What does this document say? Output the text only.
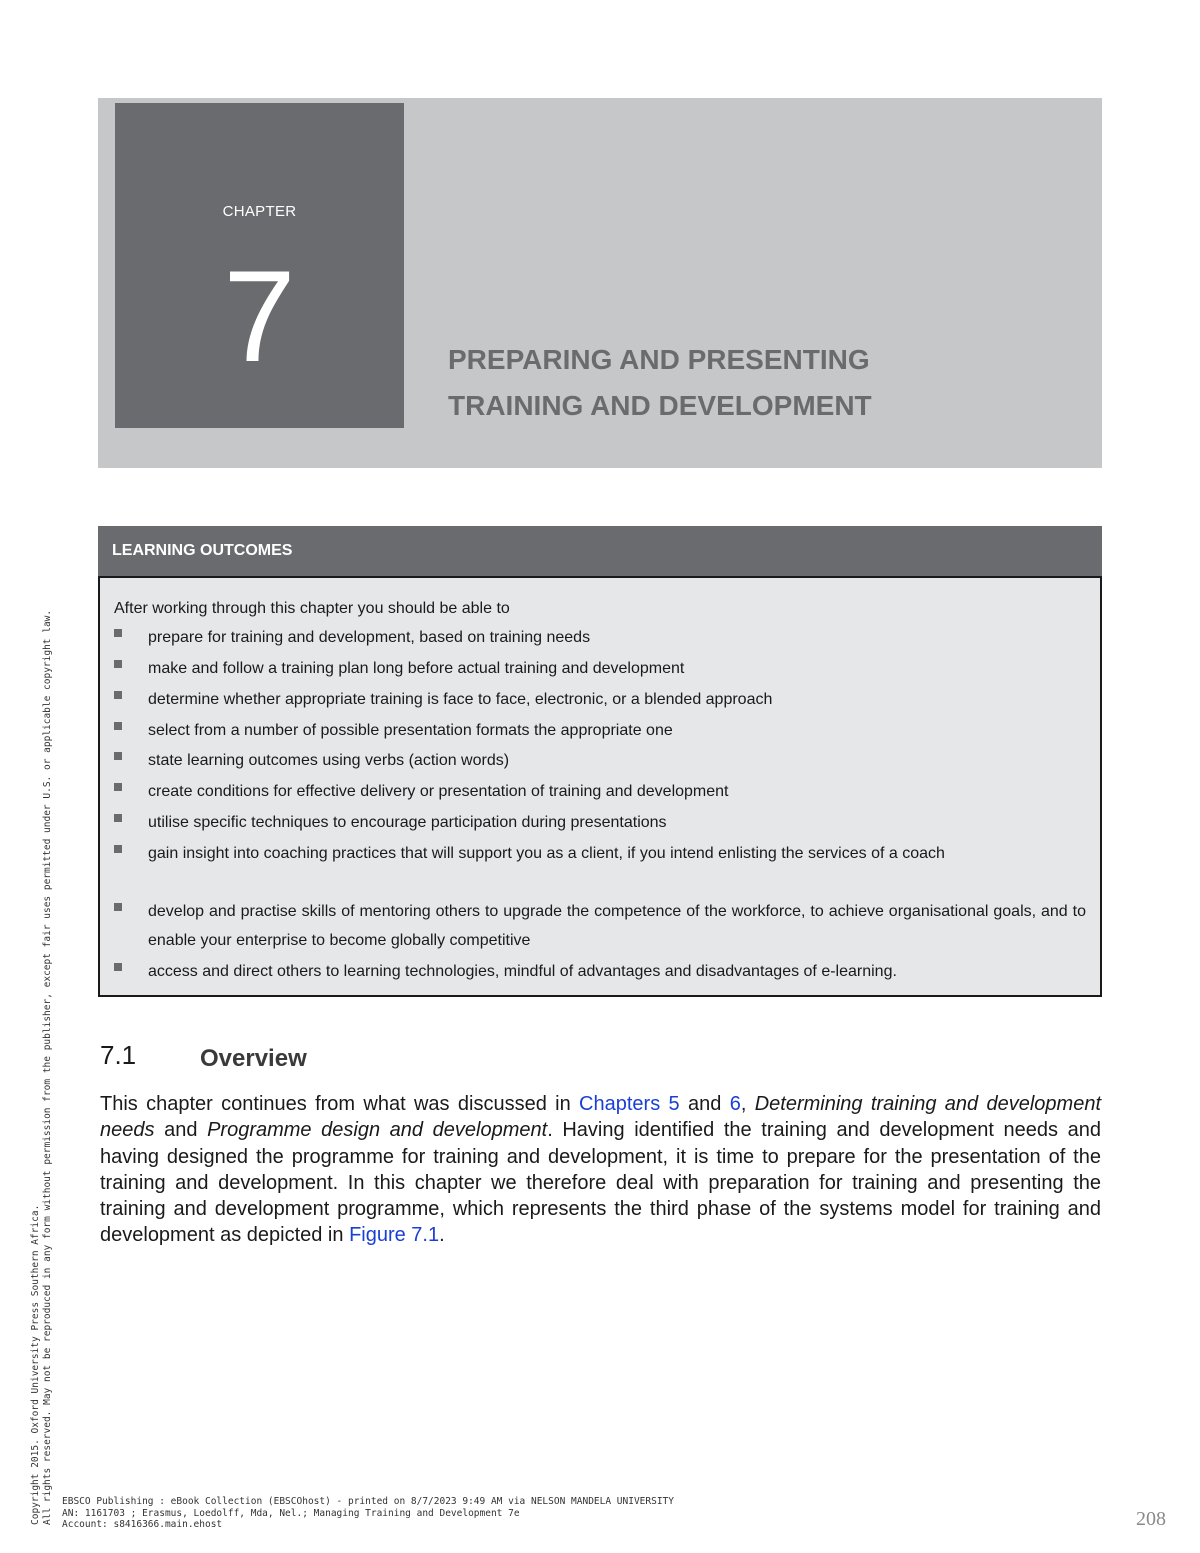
CHAPTER
7	PREPARING AND PRESENTING
TRAINING AND DEVELOPMENT
LEARNING OUTCOMES
After working through this chapter you should be able to
prepare for training and development, based on training needs
make and follow a training plan long before actual training and development
determine whether appropriate training is face to face, electronic, or a blended approach
select from a number of possible presentation formats the appropriate one
state learning outcomes using verbs (action words)
create conditions for effective delivery or presentation of training and development
utilise specific techniques to encourage participation during presentations
gain insight into coaching practices that will support you as a client, if you intend enlisting the services of a coach
develop and practise skills of mentoring others to upgrade the competence of the workforce, to achieve organisational goals, and to enable your enterprise to become globally competitive
access and direct others to learning technologies, mindful of advantages and disadvantages of e-learning.
7.1	Overview

This chapter continues from what was discussed in Chapters 5 and 6, Determining training and development needs and Programme design and development. Having identified the training and development needs and having designed the programme for training and development, it is time to prepare for the presentation of the training and development. In this chapter we therefore deal with preparation for training and presenting the training and development programme, which represents the third phase of the systems model for training and development as depicted in Figure 7.1.

Copyright 2015. Oxford University Press Southern Africa. All rights reserved. May not be reproduced in any form without permission from the publisher, except fair uses permitted under U.S. or applicable copyright law. EBSCO Publishing : eBook Collection (EBSCOhost) - printed on 8/7/2023 9:49 AM via NELSON MANDELA UNIVERSITY
AN: 1161703 ; Erasmus, Loedolff, Mda, Nel.; Managing Training and Development 7e
Account: s8416366.main.ehost	208
